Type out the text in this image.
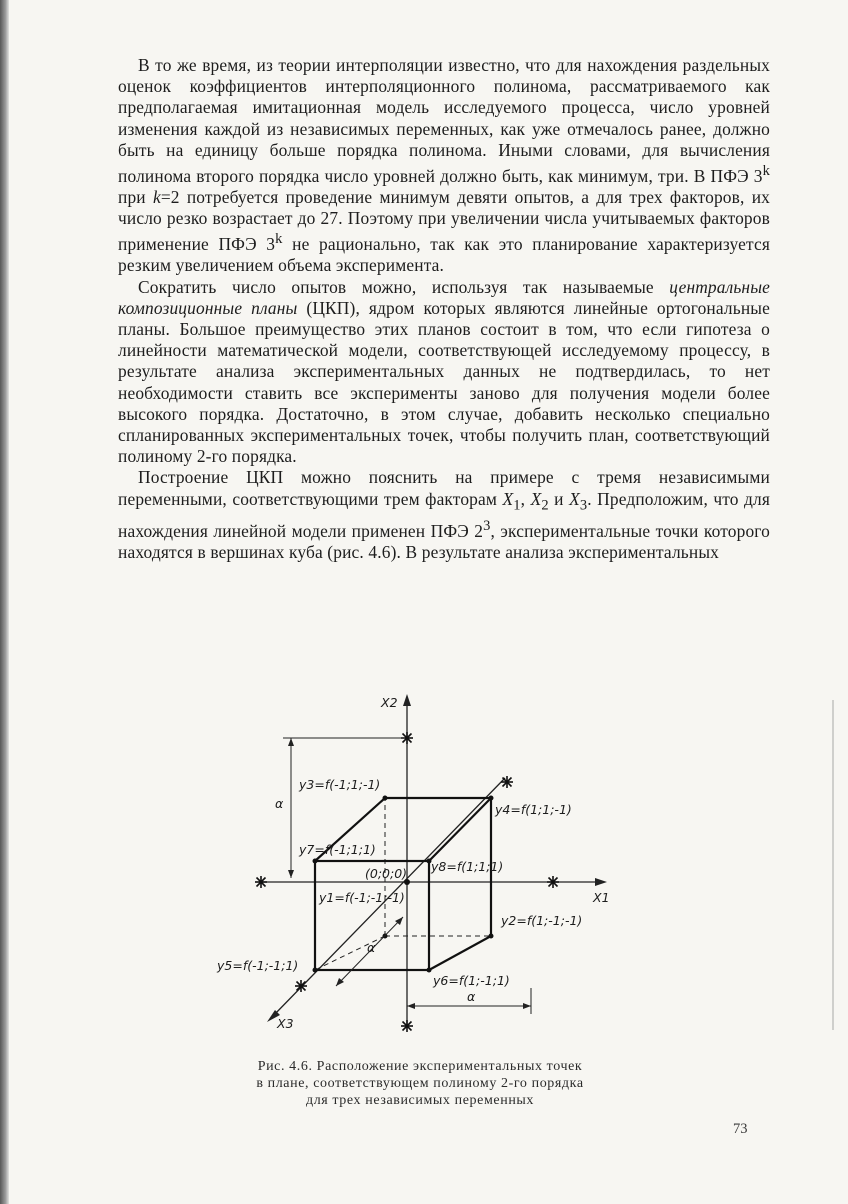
В то же время, из теории интерполяции известно, что для нахождения раздельных оценок коэффициентов интерполяционного полинома, рассматриваемого как предполагаемая имитационная модель исследуемого процесса, число уровней изменения каждой из независимых переменных, как уже отмечалось ранее, должно быть на единицу больше порядка полинома. Иными словами, для вычисления полинома второго порядка число уровней должно быть, как минимум, три. В ПФЭ 3$^k$ при k=2 потребуется проведение минимум девяти опытов, а для трех факторов, их число резко возрастает до 27. Поэтому при увеличении числа учитываемых факторов применение ПФЭ 3$^k$ не рационально, так как это планирование характеризуется резким увеличением объема эксперимента.

Сократить число опытов можно, используя так называемые центральные композиционные планы (ЦКП), ядром которых являются линейные ортогональные планы. Большое преимущество этих планов состоит в том, что если гипотеза о линейности математической модели, соответствующей исследуемому процессу, в результате анализа экспериментальных данных не подтвердилась, то нет необходимости ставить все эксперименты заново для получения модели более высокого порядка. Достаточно, в этом случае, добавить несколько специально спланированных экспериментальных точек, чтобы получить план, соответствующий полиному 2-го порядка.

Построение ЦКП можно пояснить на примере с тремя независимыми переменными, соответствующими трем факторам $X_1$, $X_2$ и $X_3$. Предположим, что для нахождения линейной модели применен ПФЭ $2^3$, экспериментальные точки которого находятся в вершинах куба (рис. 4.6). В результате анализа экспериментальных

X2
X1
X3
y3=f(-1;1;-1)
y4=f(1;1;-1)
y7=f(-1;1;1)
y8=f(1;1;1)
(0;0;0)
y1=f(-1;-1;-1)
y2=f(1;-1;-1)
y5=f(-1;-1;1)
y6=f(1;-1;1)
α
α
α
Рис. 4.6. Расположение экспериментальных точек
в плане, соответствующем полиному 2-го порядка
для трех независимых переменных
73
